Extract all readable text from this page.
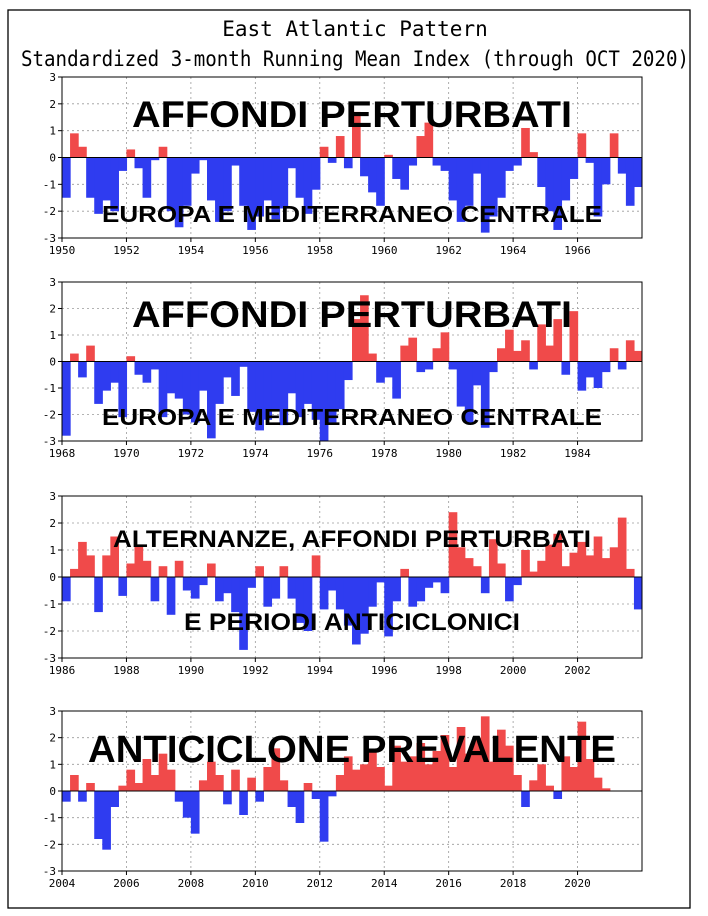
East Atlantic Pattern
Standardized 3-month Running Mean Index (through OCT 2020)
-3
-2
-1
0
1
2
3
1950	1952	1954	1956	1958	1960	1962	1964	1966
AFFONDI PERTURBATI
EUROPA E MEDITERRANEO CENTRALE
-3
-2
-1
0
1
2
3
1968	1970	1972	1974	1976	1978	1980	1982	1984
AFFONDI PERTURBATI
EUROPA E MEDITERRANEO CENTRALE
-3
-2
-1
0
1
2
3
1986	1988	1990	1992	1994	1996	1998	2000	2002
ALTERNANZE, AFFONDI PERTURBATI
E PERIODI ANTICICLONICI
-3
-2
-1
0
1
2
3
2004	2006	2008	2010	2012	2014	2016	2018	2020
ANTICICLONE PREVALENTE
